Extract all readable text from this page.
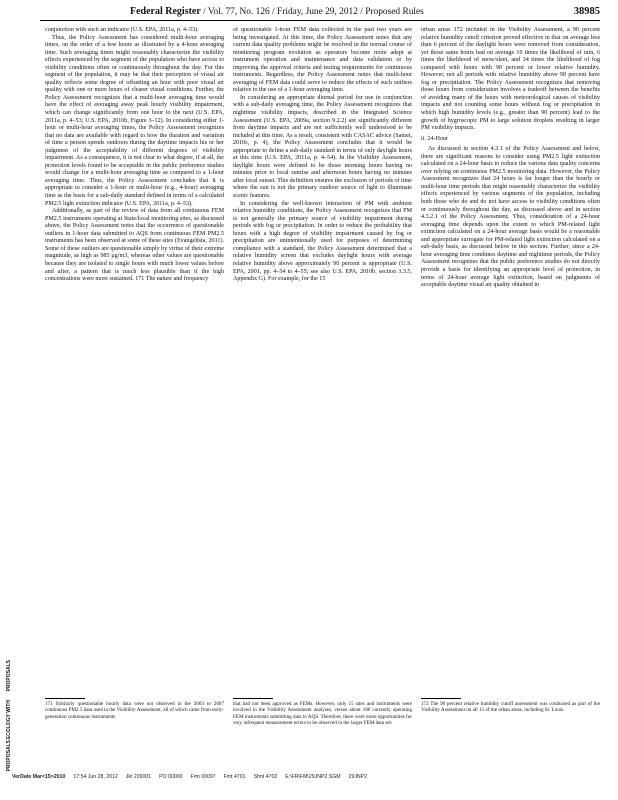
Federal Register / Vol. 77, No. 126 / Friday, June 29, 2012 / Proposed Rules	38985

conjunction with such an indicator (U.S. EPA, 2011a, p. 4–53).

Thus, the Policy Assessment has considered multi-hour averaging times, on the order of a few hours as illustrated by a 4-hour averaging time. Such averaging times might reasonably characterize the visibility effects experienced by the segment of the population who have access to visibility conditions often or continuously throughout the day. For this segment of the population, it may be that their perception of visual air quality reflects some degree of offsetting an hour with poor visual air quality with one or more hours of clearer visual conditions. Further, the Policy Assessment recognizes that a multi-hour averaging time would have the effect of averaging away peak hourly visibility impairment, which can change significantly from one hour to the next (U.S. EPA, 2011a, p. 4–53; U.S. EPA, 2010b, Figure 3–12). In considering either 1-hour or multi-hour averaging times, the Policy Assessment recognizes that no data are available with regard to how the duration and variation of time a person spends outdoors during the daytime impacts his or her judgment of the acceptability of different degrees of visibility impairment. As a consequence, it is not clear to what degree, if at all, the protection levels found to be acceptable in the public preference studies would change for a multi-hour averaging time as compared to a 1-hour averaging time. Thus, the Policy Assessment concludes that it is appropriate to consider a 1-hour or multi-hour (e.g., 4-hour) averaging time as the basis for a sub-daily standard defined in terms of a calculated PM2.5 light extinction indicator (U.S. EPA, 2011a, p. 4–53).

Additionally, as part of the review of data from all continuous FEM PM2.5 instruments operating at State/local monitoring sites, as discussed above, the Policy Assessment notes that the occurrence of questionable outliers in 1-hour data submitted to AQS from continuous FEM PM2.5 instruments has been observed at some of these sites (Evangelista, 2011). Some of these outliers are questionable simply by virtue of their extreme magnitude, as high as 985 µg/m3, whereas other values are questionable because they are isolated to single hours with much lower values before and after, a pattern that is much less plausible than if the high concentrations were more sustained. 171 The nature and frequency

of questionable 1-hour FEM data collected in the past two years are being investigated. At this time, the Policy Assessment notes that any current data quality problems might be resolved in the normal course of monitoring program evolution as operators become more adept at instrument operation and maintenance and data validation or by improving the approval criteria and testing requirements for continuous instruments. Regardless, the Policy Assessment notes that multi-hour averaging of FEM data could serve to reduce the effects of such outliers relative to the use of a 1-hour averaging time.

In considering an appropriate diurnal period for use in conjunction with a sub-daily averaging time, the Policy Assessment recognizes that nighttime visibility impacts, described in the Integrated Science Assessment (U.S. EPA, 2009a, section 9.2.2) are significantly different from daytime impacts and are not sufficiently well understood to be included at this time. As a result, consistent with CASAC advice (Samet, 2010c, p. 4), the Policy Assessment concludes that it would be appropriate to define a sub-daily standard in terms of only daylight hours at this time (U.S. EPA, 2011a, p. 4–54). In the Visibility Assessment, daylight hours were defined to be those morning hours having no minutes prior to local sunrise and afternoon hours having no minutes after local sunset. This definition ensures the exclusion of periods of time where the sun is not the primary outdoor source of light to illuminate scenic features.

In considering the well-known interaction of PM with ambient relative humidity conditions, the Policy Assessment recognizes that PM is not generally the primary source of visibility impairment during periods with fog or precipitation. In order to reduce the probability that hours with a high degree of visibility impairment caused by fog or precipitation are unintentionally used for purposes of determining compliance with a standard, the Policy Assessment determined that a relative humidity screen that excludes daylight hours with average relative humidity above approximately 90 percent is appropriate (U.S. EPA, 2001, pp. 4–54 to 4–55; see also U.S. EPA, 2010b, section 3.3.5, Appendix G). For example, for the 15

urban areas 172 included in the Visibility Assessment, a 90 percent relative humidity cutoff criterion proved effective in that on average less than 6 percent of the daylight hours were removed from consideration, yet those same hours had on average 10 times the likelihood of rain, 6 times the likelihood of snow/sleet, and 34 times the likelihood of fog compared with hours with 90 percent or lower relative humidity. However, not all periods with relative humidity above 90 percent have fog or precipitation. The Policy Assessment recognizes that removing those hours from consideration involves a tradeoff between the benefits of avoiding many of the hours with meteorological causes of visibility impacts and not counting some hours without fog or precipitation in which high humidity levels (e.g., greater than 90 percent) lead to the growth of hygroscopic PM to large solution droplets resulting in larger PM visibility impacts.

ii. 24-Hour

As discussed in section 4.3.1 of the Policy Assessment and below, there are significant reasons to consider using PM2.5 light extinction calculated on a 24-hour basis to reduce the various data quality concerns over relying on continuous PM2.5 monitoring data. However, the Policy Assessment recognizes that 24 hours is far longer than the hourly or multi-hour time periods that might reasonably characterize the visibility effects experienced by various segments of the population, including both those who do and do not have access to visibility conditions often or continuously throughout the day, as discussed above and in section 4.3.2.1 of the Policy Assessment. Thus, consideration of a 24-hour averaging time depends upon the extent to which PM-related light extinction calculated on a 24-hour average basis would be a reasonable and appropriate surrogate for PM-related light extinction calculated on a sub-daily basis, as discussed below in this section. Further, since a 24-hour averaging time combines daytime and nighttime periods, the Policy Assessment recognizes that the public preference studies do not directly provide a basis for identifying an appropriate level of protection, in terms of 24-hour average light extinction, based on judgments of acceptable daytime visual air quality obtained in

171 Similarly questionable hourly data were not observed in the 2003 to 2007 continuous PM2.5 data used in the Visibility Assessment, all of which came from early-generation continuous instruments
that had not been approved as FEMs. However, only 15 sites and instruments were involved in the Visibility Assessment analyses, versus about 180 currently operating FEM instruments submitting data to AQS. Therefore, there were more opportunities for very infrequent measurement errors to be observed in the larger FEM data set.
172 The 90 percent relative humidity cutoff assessment was conducted as part of the Visibility Assessment on all 15 of the urban areas, including St. Louis.
PROPOSALS
ECOLOGY WITH
PROPOSALS
VerDate Mar<15>2010 17:54 Jun 28, 2012 Jkt 226001 PO 00000 Frm 00097 Fmt 4701 Sfmt 4702 E:\FR\FM\29JNP2.SGM 29JNP2
